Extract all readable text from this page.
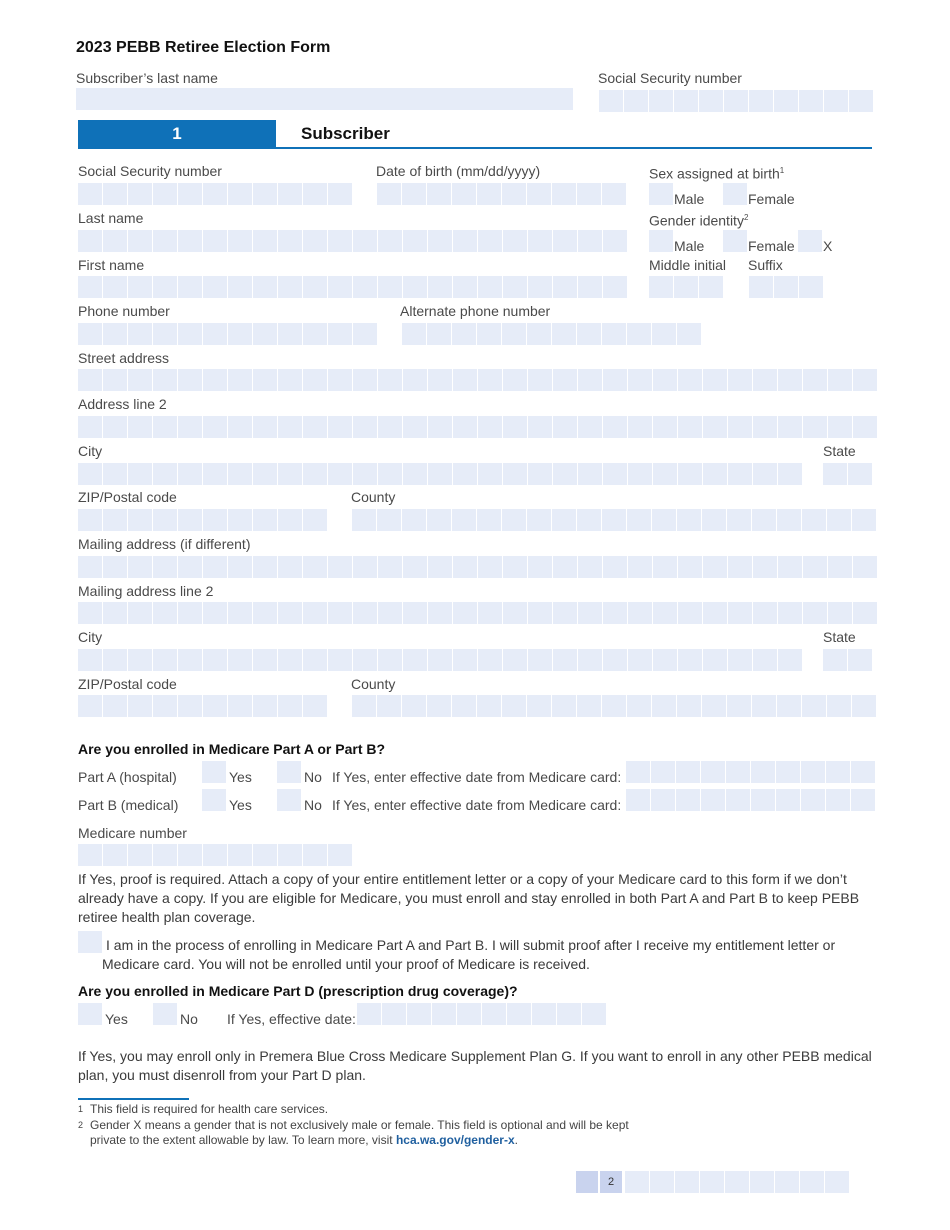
2023 PEBB Retiree Election Form
Subscriber’s last name	Social Security number
1	Subscriber
Social Security number	Date of birth (mm/dd/yyyy)	Sex assigned at birth$^1$
Male	Female
Last name	Gender identity$^2$
Male	Female X
First name	Middle initial Suffix
Phone number	Alternate phone number
Street address
Address line 2
City	State
ZIP/Postal code	County
Mailing address (if different)
Mailing address line 2
City	State
ZIP/Postal code	County
Are you enrolled in Medicare Part A or Part B?
Part A (hospital)	Yes	No If Yes, enter effective date from Medicare card:
Part B (medical)	Yes	No If Yes, enter effective date from Medicare card:
Medicare number
If Yes, proof is required. Attach a copy of your entire entitlement letter or a copy of your Medicare card to this form if we don’t already have a copy. If you are eligible for Medicare, you must enroll and stay enrolled in both Part A and Part B to keep PEBB retiree health plan coverage.
I am in the process of enrolling in Medicare Part A and Part B. I will submit proof after I receive my entitlement letter or
Medicare card. You will not be enrolled until your proof of Medicare is received.
Are you enrolled in Medicare Part D (prescription drug coverage)?
Yes	No If Yes, effective date:
If Yes, you may enroll only in Premera Blue Cross Medicare Supplement Plan G. If you want to enroll in any other PEBB medical plan, you must disenroll from your Part D plan.
1 This field is required for health care services.
2 Gender X means a gender that is not exclusively male or female. This field is optional and will be kept
private to the extent allowable by law. To learn more, visit hca.wa.gov/gender-x.
2
